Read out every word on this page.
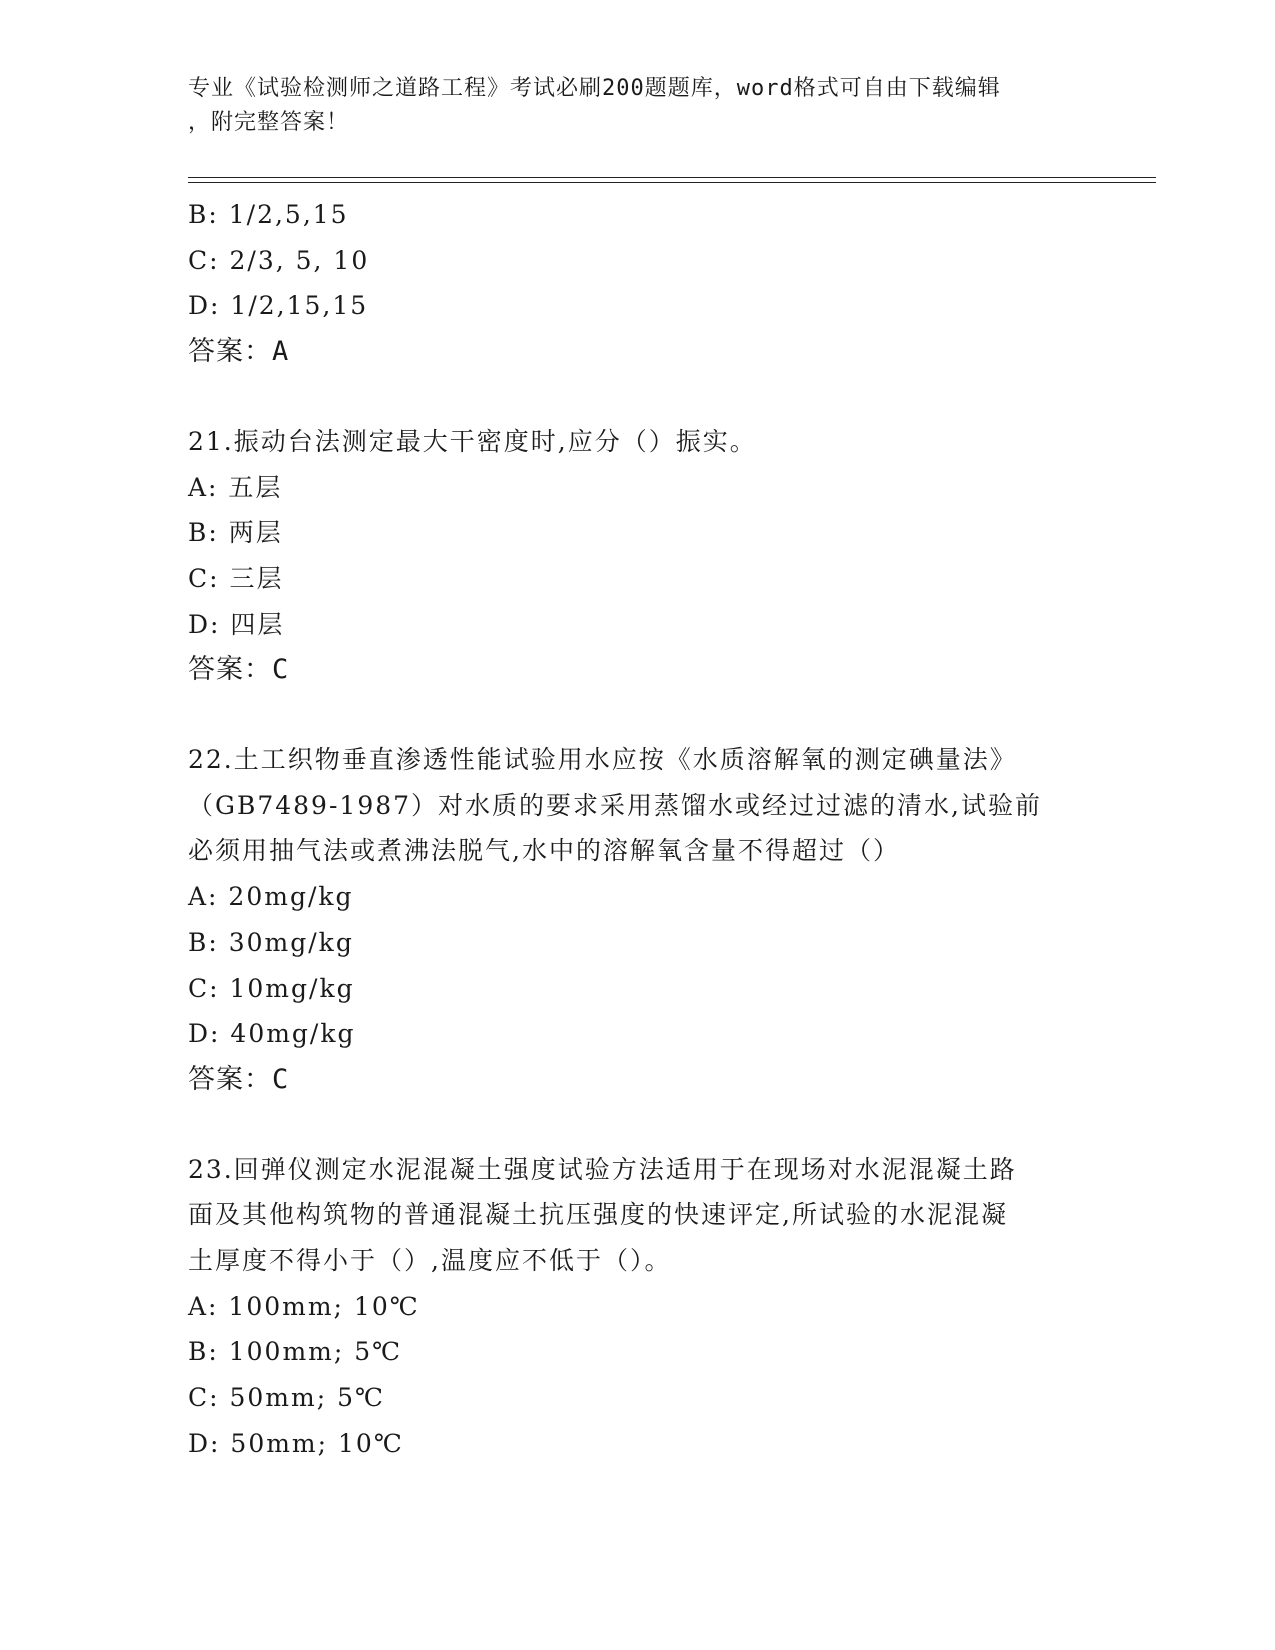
专业《试验检测师之道路工程》考试必刷200题题库，word格式可自由下载编辑
，附完整答案！
B: 1/2,5,15
C: 2/3, 5, 10
D: 1/2,15,15
答案：A
21.振动台法测定最大干密度时,应分（）振实。
A: 五层
B: 两层
C: 三层
D: 四层
答案：C
22.土工织物垂直渗透性能试验用水应按《水质溶解氧的测定碘量法》
（GB7489-1987）对水质的要求采用蒸馏水或经过过滤的清水,试验前
必须用抽气法或煮沸法脱气,水中的溶解氧含量不得超过（）
A: 20mg/kg
B: 30mg/kg
C: 10mg/kg
D: 40mg/kg
答案：C
23.回弹仪测定水泥混凝土强度试验方法适用于在现场对水泥混凝土路
面及其他构筑物的普通混凝土抗压强度的快速评定,所试验的水泥混凝
土厚度不得小于（）,温度应不低于（）。
A: 100mm; 10℃
B: 100mm; 5℃
C: 50mm; 5℃
D: 50mm; 10℃
